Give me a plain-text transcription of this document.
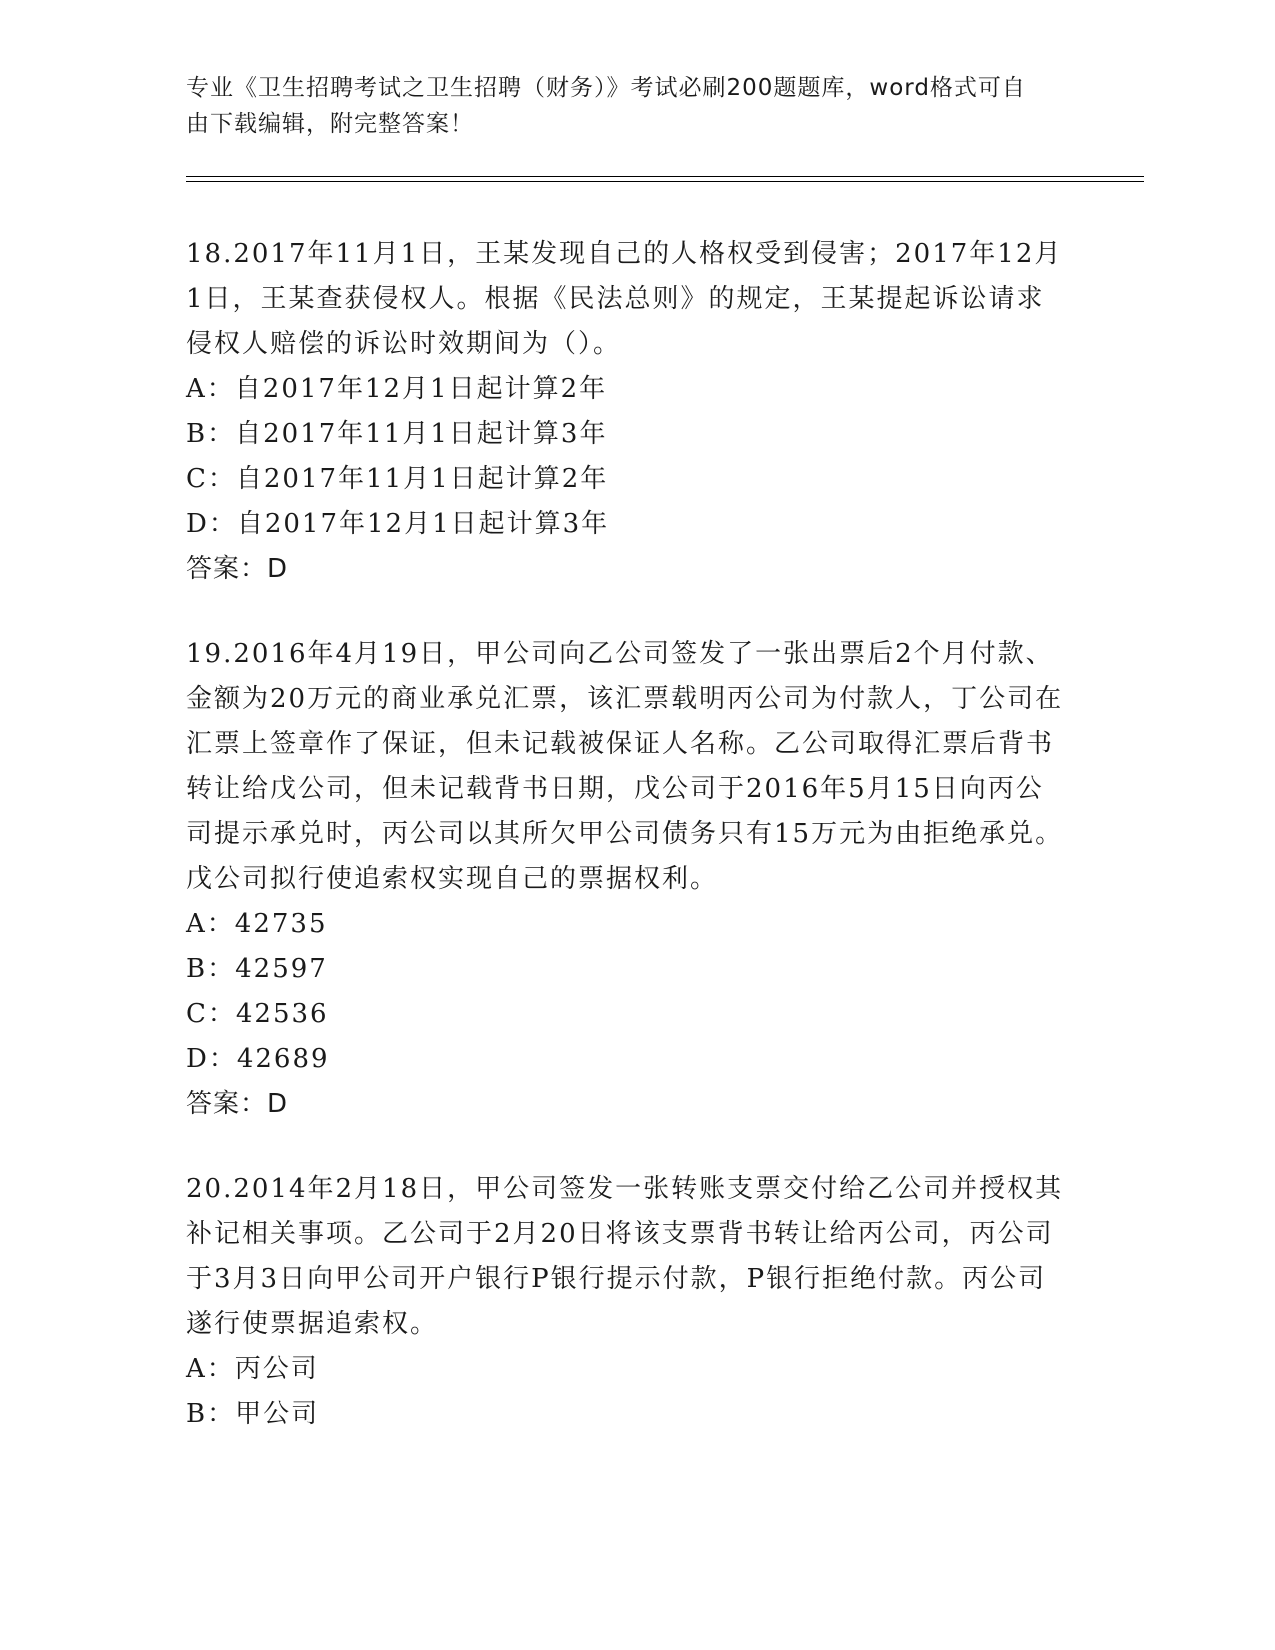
专业《卫生招聘考试之卫生招聘（财务）》考试必刷200题题库，word格式可自
由下载编辑，附完整答案！

18.2017年11月1日，王某发现自己的人格权受到侵害；2017年12月1日，王某查获侵权人。根据《民法总则》的规定，王某提起诉讼请求侵权人赔偿的诉讼时效期间为（）。

A：自2017年12月1日起计算2年
B：自2017年11月1日起计算3年
C：自2017年11月1日起计算2年
D：自2017年12月1日起计算3年
答案：D

19.2016年4月19日，甲公司向乙公司签发了一张出票后2个月付款、金额为20万元的商业承兑汇票，该汇票载明丙公司为付款人，丁公司在汇票上签章作了保证，但未记载被保证人名称。乙公司取得汇票后背书转让给戊公司，但未记载背书日期，戊公司于2016年5月15日向丙公司提示承兑时，丙公司以其所欠甲公司债务只有15万元为由拒绝承兑。戊公司拟行使追索权实现自己的票据权利。

A：42735
B：42597
C：42536
D：42689
答案：D

20.2014年2月18日，甲公司签发一张转账支票交付给乙公司并授权其补记相关事项。乙公司于2月20日将该支票背书转让给丙公司，丙公司于3月3日向甲公司开户银行P银行提示付款，P银行拒绝付款。丙公司遂行使票据追索权。

A：丙公司
B：甲公司
